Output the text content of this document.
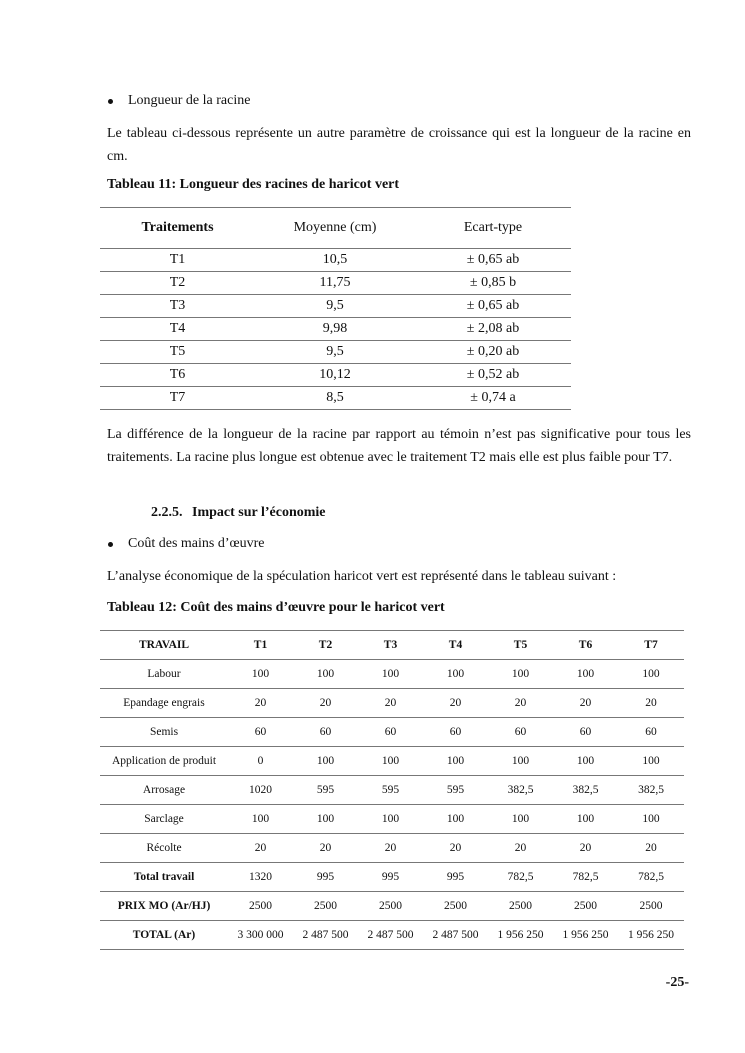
Longueur de la racine
Le tableau ci-dessous représente un autre paramètre de croissance qui est la longueur de la racine en cm.
Tableau 11: Longueur des racines de haricot vert
Traitements	Moyenne (cm)	Ecart-type
T1	10,5	± 0,65 ab
T2	11,75	± 0,85 b
T3	9,5	± 0,65 ab
T4	9,98	± 2,08 ab
T5	9,5	± 0,20 ab
T6	10,12	± 0,52 ab
T7	8,5	± 0,74 a
La différence de la longueur de la racine par rapport au témoin n’est pas significative pour tous les traitements. La racine plus longue est obtenue avec le traitement T2 mais elle est plus faible pour T7.
2.2.5. Impact sur l’économie
Coût des mains d’œuvre
L’analyse économique de la spéculation haricot vert est représenté dans le tableau suivant :
Tableau 12: Coût des mains d’œuvre pour le haricot vert
TRAVAIL	T1	T2	T3	T4	T5	T6	T7
Labour	100	100	100	100	100	100	100
Epandage engrais	20	20	20	20	20	20	20
Semis	60	60	60	60	60	60	60
Application de produit	0	100	100	100	100	100	100
Arrosage	1020	595	595	595	382,5	382,5	382,5
Sarclage	100	100	100	100	100	100	100
Récolte	20	20	20	20	20	20	20
Total travail	1320	995	995	995	782,5	782,5	782,5
PRIX MO (Ar/HJ)	2500	2500	2500	2500	2500	2500	2500
TOTAL (Ar)	3 300 000	2 487 500	2 487 500	2 487 500	1 956 250	1 956 250	1 956 250
-25-
